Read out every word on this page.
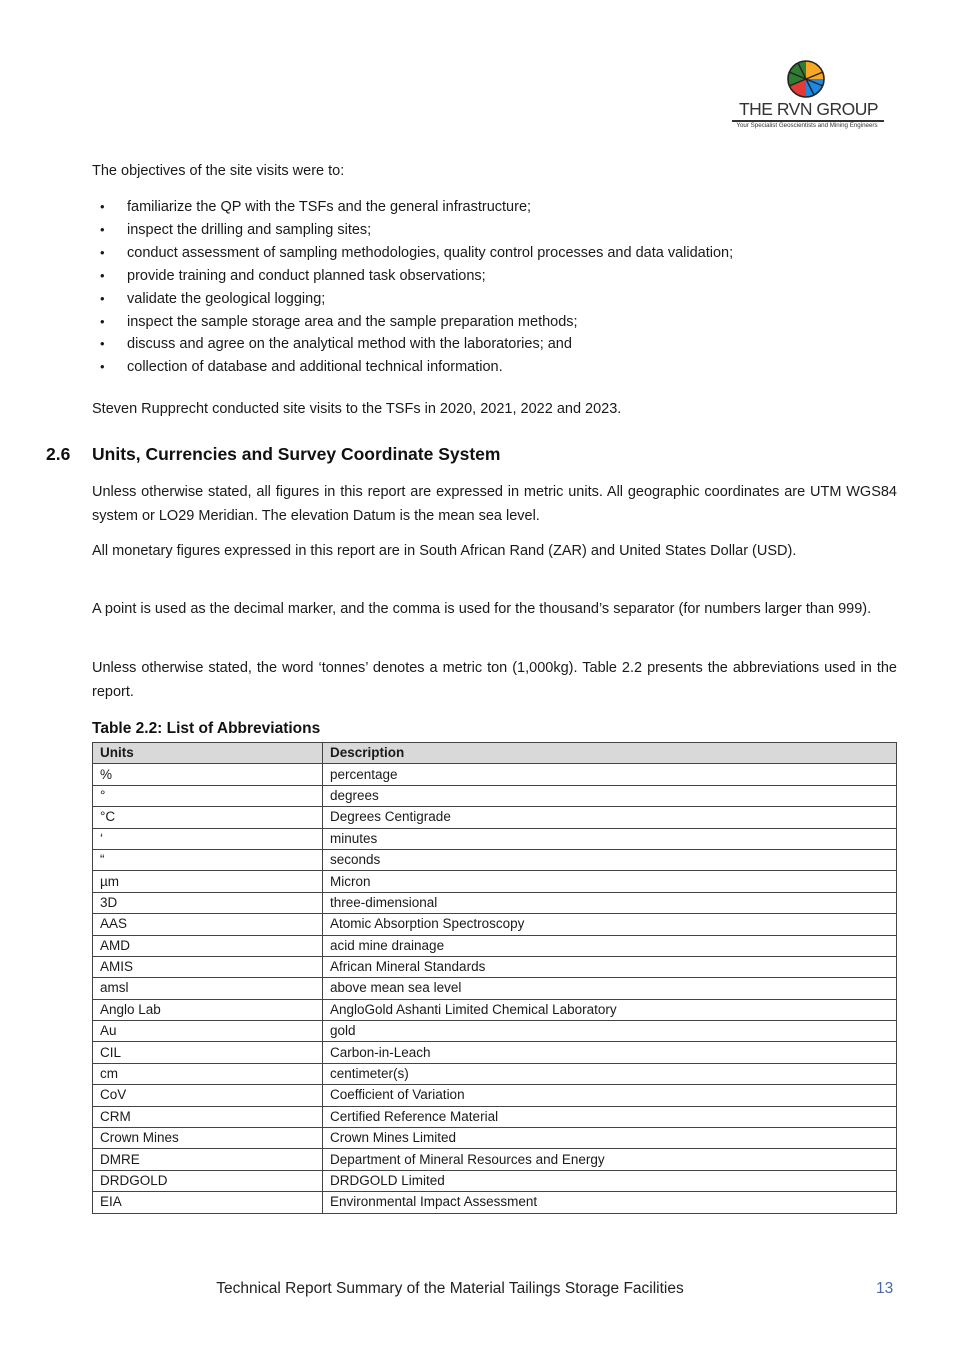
THE RVN GROUP
Your Specialist Geoscientists and Mining Engineers

The objectives of the site visits were to:

• familiarize the QP with the TSFs and the general infrastructure;
• inspect the drilling and sampling sites;
• conduct assessment of sampling methodologies, quality control processes and data validation;
• provide training and conduct planned task observations;
• validate the geological logging;
• inspect the sample storage area and the sample preparation methods;
• discuss and agree on the analytical method with the laboratories; and
• collection of database and additional technical information.

Steven Rupprecht conducted site visits to the TSFs in 2020, 2021, 2022 and 2023.

2.6 Units, Currencies and Survey Coordinate System

Unless otherwise stated, all figures in this report are expressed in metric units. All geographic coordinates are UTM WGS84 system or LO29 Meridian. The elevation Datum is the mean sea level.

All monetary figures expressed in this report are in South African Rand (ZAR) and United States Dollar (USD).

A point is used as the decimal marker, and the comma is used for the thousand’s separator (for numbers larger than 999).

Unless otherwise stated, the word ‘tonnes’ denotes a metric ton (1,000kg). Table 2.2 presents the abbreviations used in the report.

Table 2.2: List of Abbreviations
Units	Description
%	percentage
°	degrees
°C	Degrees Centigrade
‘	minutes
“	seconds
µm	Micron
3D	three-dimensional
AAS	Atomic Absorption Spectroscopy
AMD	acid mine drainage
AMIS	African Mineral Standards
amsl	above mean sea level
Anglo Lab	AngloGold Ashanti Limited Chemical Laboratory
Au	gold
CIL	Carbon-in-Leach
cm	centimeter(s)
CoV	Coefficient of Variation
CRM	Certified Reference Material
Crown Mines	Crown Mines Limited
DMRE	Department of Mineral Resources and Energy
DRDGOLD	DRDGOLD Limited
EIA	Environmental Impact Assessment
Technical Report Summary of the Material Tailings Storage Facilities	13
